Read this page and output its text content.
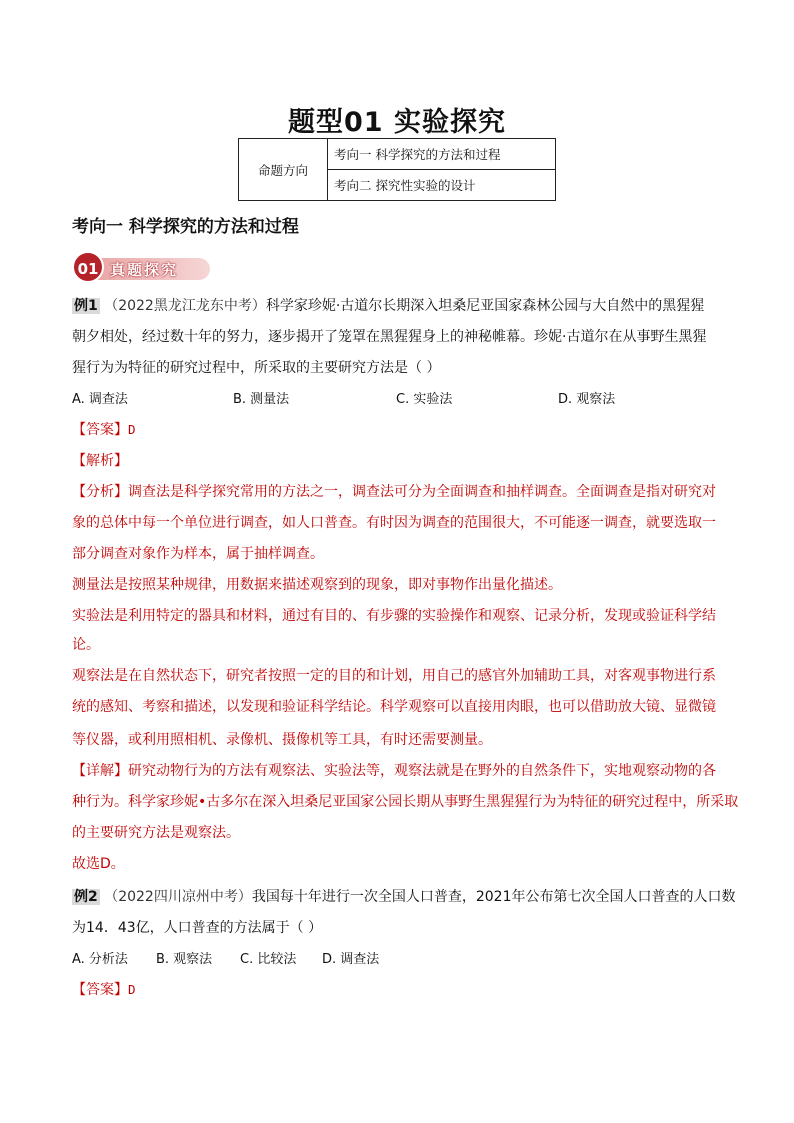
题型01 实验探究
命题方向	考向一 科学探究的方法和过程
考向二 探究性实验的设计
考向一 科学探究的方法和过程
01 真题探究
例1 （2022黑龙江龙东中考）科学家珍妮·古道尔长期深入坦桑尼亚国家森林公园与大自然中的黑猩猩
朝夕相处，经过数十年的努力，逐步揭开了笼罩在黑猩猩身上的神秘帷幕。珍妮·古道尔在从事野生黑猩
猩行为为特征的研究过程中，所采取的主要研究方法是（ ）
A. 调查法	B. 测量法	C. 实验法	D. 观察法
【答案】D
【解析】
【分析】调查法是科学探究常用的方法之一，调查法可分为全面调查和抽样调查。全面调查是指对研究对
象的总体中每一个单位进行调查，如人口普查。有时因为调查的范围很大，不可能逐一调查，就要选取一
部分调查对象作为样本，属于抽样调查。
测量法是按照某种规律，用数据来描述观察到的现象，即对事物作出量化描述。
实验法是利用特定的器具和材料，通过有目的、有步骤的实验操作和观察、记录分析，发现或验证科学结
论。
观察法是在自然状态下，研究者按照一定的目的和计划，用自己的感官外加辅助工具，对客观事物进行系
统的感知、考察和描述，以发现和验证科学结论。科学观察可以直接用肉眼，也可以借助放大镜、显微镜
等仪器，或利用照相机、录像机、摄像机等工具，有时还需要测量。
【详解】研究动物行为的方法有观察法、实验法等，观察法就是在野外的自然条件下，实地观察动物的各
种行为。科学家珍妮•古多尔在深入坦桑尼亚国家公园长期从事野生黑猩猩行为为特征的研究过程中，所采取
的主要研究方法是观察法。
故选D。
例2 （2022四川凉州中考）我国每十年进行一次全国人口普查，2021年公布第七次全国人口普查的人口数
为14．43亿，人口普查的方法属于（ ）
A. 分析法 B. 观察法 C. 比较法 D. 调查法
【答案】D
